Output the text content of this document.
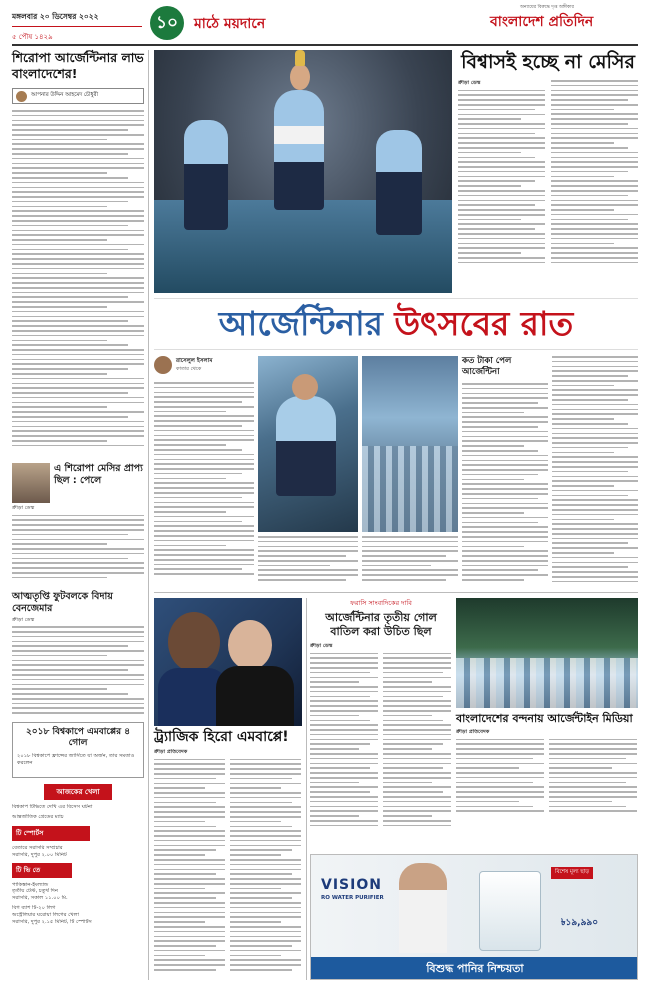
মঙ্গলবার ২০ ডিসেম্বর ২০২২
৫ পৌষ ১৪২৯
১০	মাঠে ময়দানে
অন্যায়ের বিরুদ্ধে দৃপ্ত অঙ্গীকার
বাংলাদেশ প্রতিদিন
শিরোপা আর্জেন্টিনার লাভ বাংলাদেশের!
আপনার উদ্দিন আহমেদ চৌধুরী
এ শিরোপা মেসির প্রাপ্য ছিল : পেলে
ক্রীড়া ডেস্ক
আত্মতৃপ্তি ফুটবলকে বিদায় বেনজেমার
ক্রীড়া ডেস্ক
২০১৮ বিশ্বকাপে এমবাপ্পের ৪ গোল
২০১৮ বিশ্বকাপে ফ্রান্সের জার্সিতে যা অর্জন, তার সমতাও করলেন
আজকের খেলা
বিশ্বকাপ টিভিতে দেখি এর বিসেস ঘটনা
আন্তর্জাতিক গ্রেডের ম্যাচ
টি স্পোর্টস
বেতারে সরাসরি সম্প্রচার
সরাসরি, দুপুর ২.০০ মিনিট
টি ভি তে
পাকিস্তান-ইংল্যান্ড
তৃতীয় টেস্ট, চতুর্থ দিন
সরাসরি, সকাল ১১.০০ মি.
বিগ ব্যাশ টি-২০ লিগ
অস্ট্রেলিয়ার ঘরোয়া লিগের খেলা
সরাসরি, দুপুর ২.১৫ মিনিট, টি স্পোর্টস
বিশ্বাসই হচ্ছে না মেসির
ক্রীড়া ডেস্ক
আর্জেন্টিনার উৎসবের রাত
রাসেলুল ইসলাম
কাতার থেকে
কত টাকা পেল আর্জেন্টিনা
ট্র্যাজিক হিরো এমবাপ্পে!
ক্রীড়া প্রতিবেদক
ফরাসি সাংবাদিকের দাবি
আর্জেন্টিনার তৃতীয় গোল বাতিল করা উচিত ছিল
ক্রীড়া ডেস্ক
বাংলাদেশের বন্দনায় আর্জেন্টাইন মিডিয়া
ক্রীড়া প্রতিবেদক
VISION
RO WATER PURIFIER
বিশেষ মূল্য ছাড়
৳১৯,৯৯০
বিশুদ্ধ পানির নিশ্চয়তা
